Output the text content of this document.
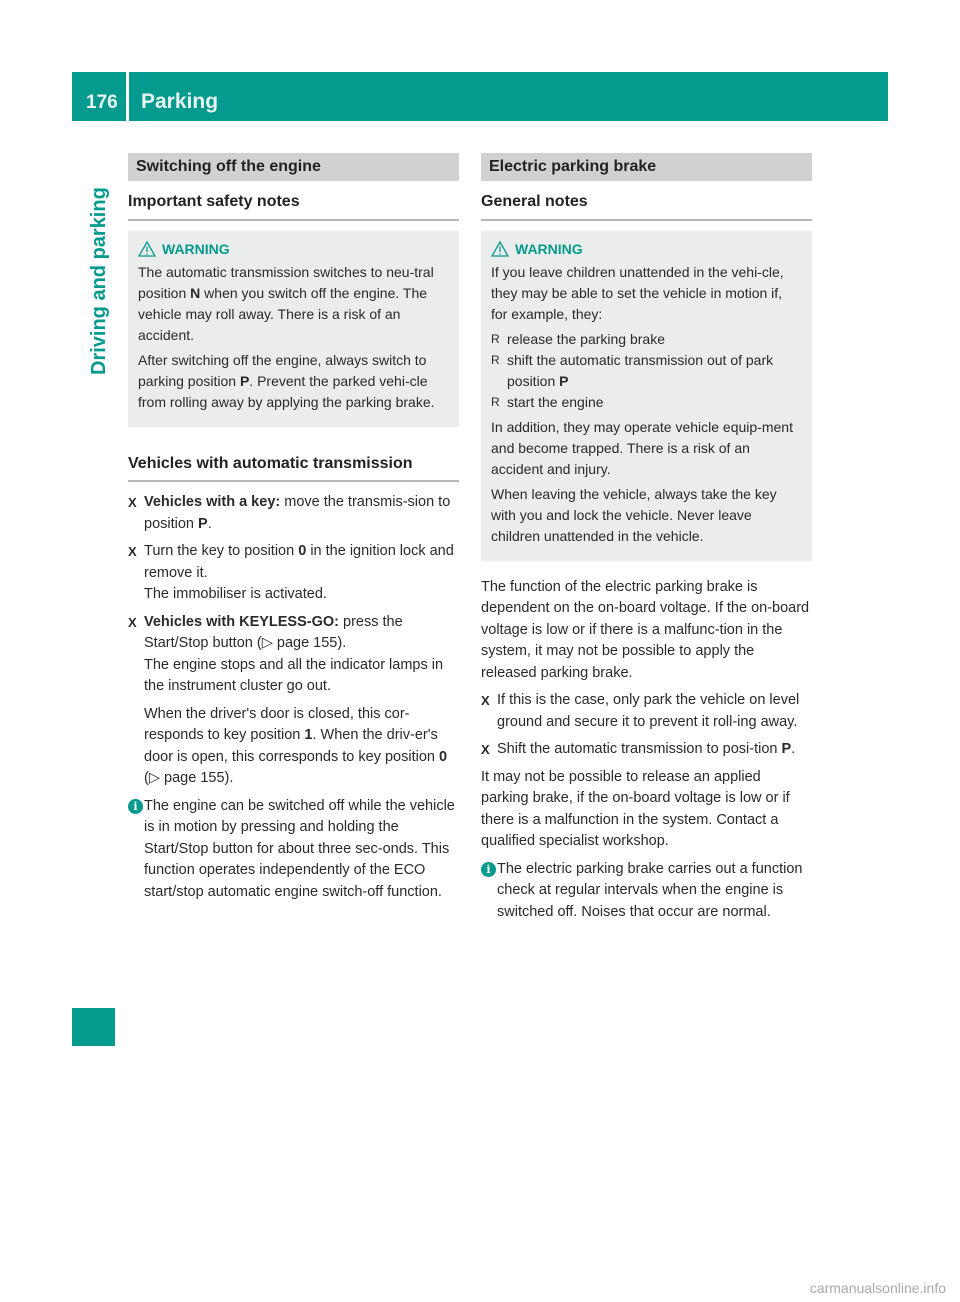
176 Parking
Driving and parking
Switching off the engine
Important safety notes
WARNING

The automatic transmission switches to neu-tral position N when you switch off the engine. The vehicle may roll away. There is a risk of an accident.

After switching off the engine, always switch to parking position P. Prevent the parked vehi-cle from rolling away by applying the parking brake.

Vehicles with automatic transmission
X Vehicles with a key: move the transmis-sion to position P.

X Turn the key to position 0 in the ignition lock and remove it.
The immobiliser is activated.

X Vehicles with KEYLESS-GO: press the Start/Stop button (▷ page 155).
The engine stops and all the indicator lamps in the instrument cluster go out.

When the driver's door is closed, this cor-responds to key position 1. When the driv-er's door is open, this corresponds to key position 0 (▷ page 155).

i The engine can be switched off while the vehicle is in motion by pressing and holding the Start/Stop button for about three sec-onds. This function operates independently of the ECO start/stop automatic engine switch-off function.
Electric parking brake
General notes
WARNING

If you leave children unattended in the vehi-cle, they may be able to set the vehicle in motion if, for example, they:

R release the parking brake
R shift the automatic transmission out of park position P
R start the engine

In addition, they may operate vehicle equip-ment and become trapped. There is a risk of an accident and injury.

When leaving the vehicle, always take the key with you and lock the vehicle. Never leave children unattended in the vehicle.

The function of the electric parking brake is dependent on the on-board voltage. If the on-board voltage is low or if there is a malfunc-tion in the system, it may not be possible to apply the released parking brake.

X If this is the case, only park the vehicle on level ground and secure it to prevent it roll-ing away.

X Shift the automatic transmission to posi-tion P.

It may not be possible to release an applied parking brake, if the on-board voltage is low or if there is a malfunction in the system. Contact a qualified specialist workshop.

i The electric parking brake carries out a function check at regular intervals when the engine is switched off. Noises that occur are normal.
carmanualsonline.info
